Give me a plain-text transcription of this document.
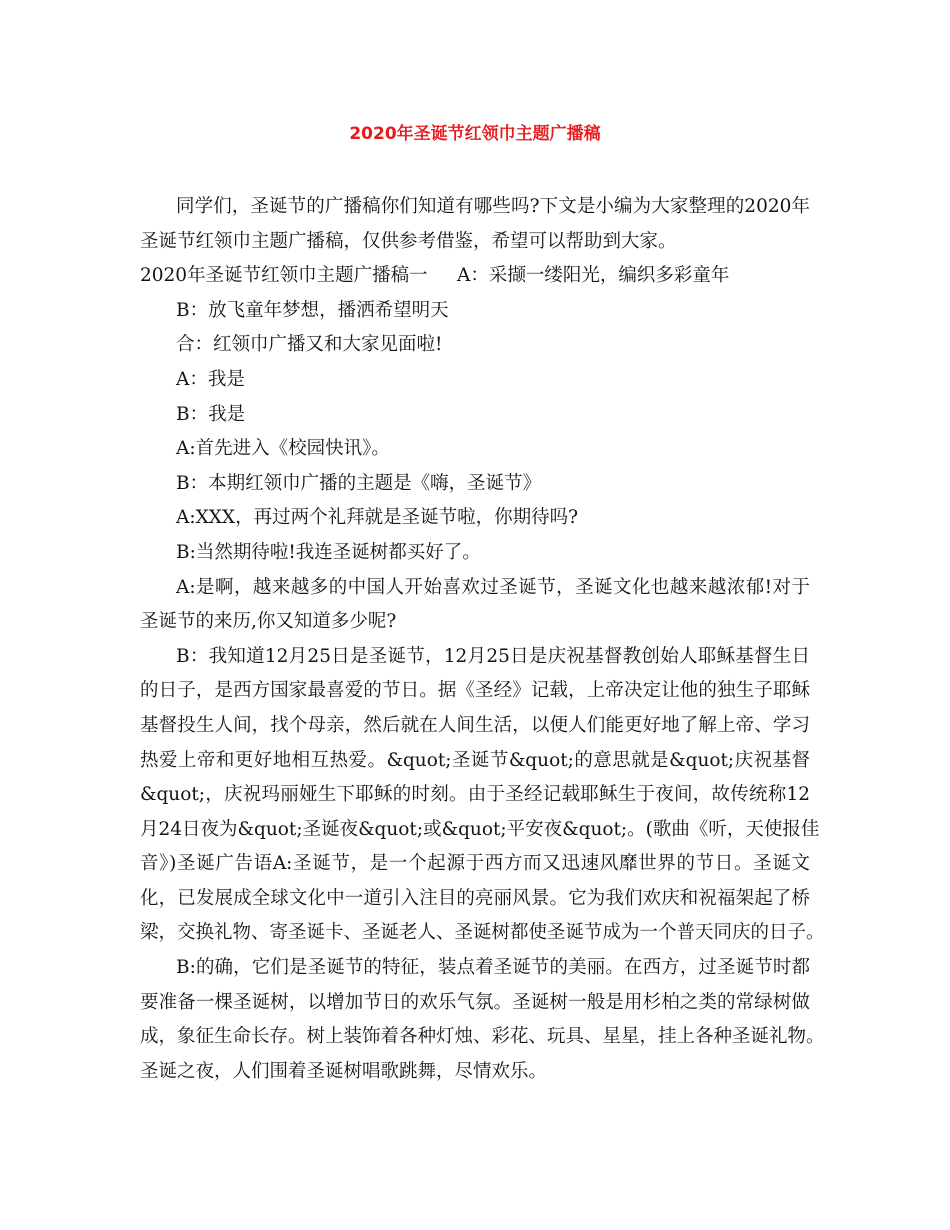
2020年圣诞节红领巾主题广播稿
同学们，圣诞节的广播稿你们知道有哪些吗?下文是小编为大家整理的2020年
圣诞节红领巾主题广播稿，仅供参考借鉴，希望可以帮助到大家。
2020年圣诞节红领巾主题广播稿一 A：采撷一缕阳光，编织多彩童年
B：放飞童年梦想，播洒希望明天
合：红领巾广播又和大家见面啦!
A：我是
B：我是
A:首先进入《校园快讯》。
B：本期红领巾广播的主题是《嗨，圣诞节》
A:XXX，再过两个礼拜就是圣诞节啦，你期待吗?
B:当然期待啦!我连圣诞树都买好了。
A:是啊，越来越多的中国人开始喜欢过圣诞节，圣诞文化也越来越浓郁!对于
圣诞节的来历,你又知道多少呢?
B：我知道12月25日是圣诞节，12月25日是庆祝基督教创始人耶稣基督生日
的日子，是西方国家最喜爱的节日。据《圣经》记载，上帝决定让他的独生子耶稣
基督投生人间，找个母亲，然后就在人间生活，以便人们能更好地了解上帝、学习
热爱上帝和更好地相互热爱。&quot;圣诞节&quot;的意思就是&quot;庆祝基督
&quot;，庆祝玛丽娅生下耶稣的时刻。由于圣经记载耶稣生于夜间，故传统称12
月24日夜为&quot;圣诞夜&quot;或&quot;平安夜&quot;。(歌曲《听，天使报佳
音》)圣诞广告语A:圣诞节，是一个起源于西方而又迅速风靡世界的节日。圣诞文
化，已发展成全球文化中一道引入注目的亮丽风景。它为我们欢庆和祝福架起了桥
梁，交换礼物、寄圣诞卡、圣诞老人、圣诞树都使圣诞节成为一个普天同庆的日子。
B:的确，它们是圣诞节的特征，装点着圣诞节的美丽。在西方，过圣诞节时都
要准备一棵圣诞树，以增加节日的欢乐气氛。圣诞树一般是用杉柏之类的常绿树做
成，象征生命长存。树上装饰着各种灯烛、彩花、玩具、星星，挂上各种圣诞礼物。
圣诞之夜，人们围着圣诞树唱歌跳舞，尽情欢乐。
